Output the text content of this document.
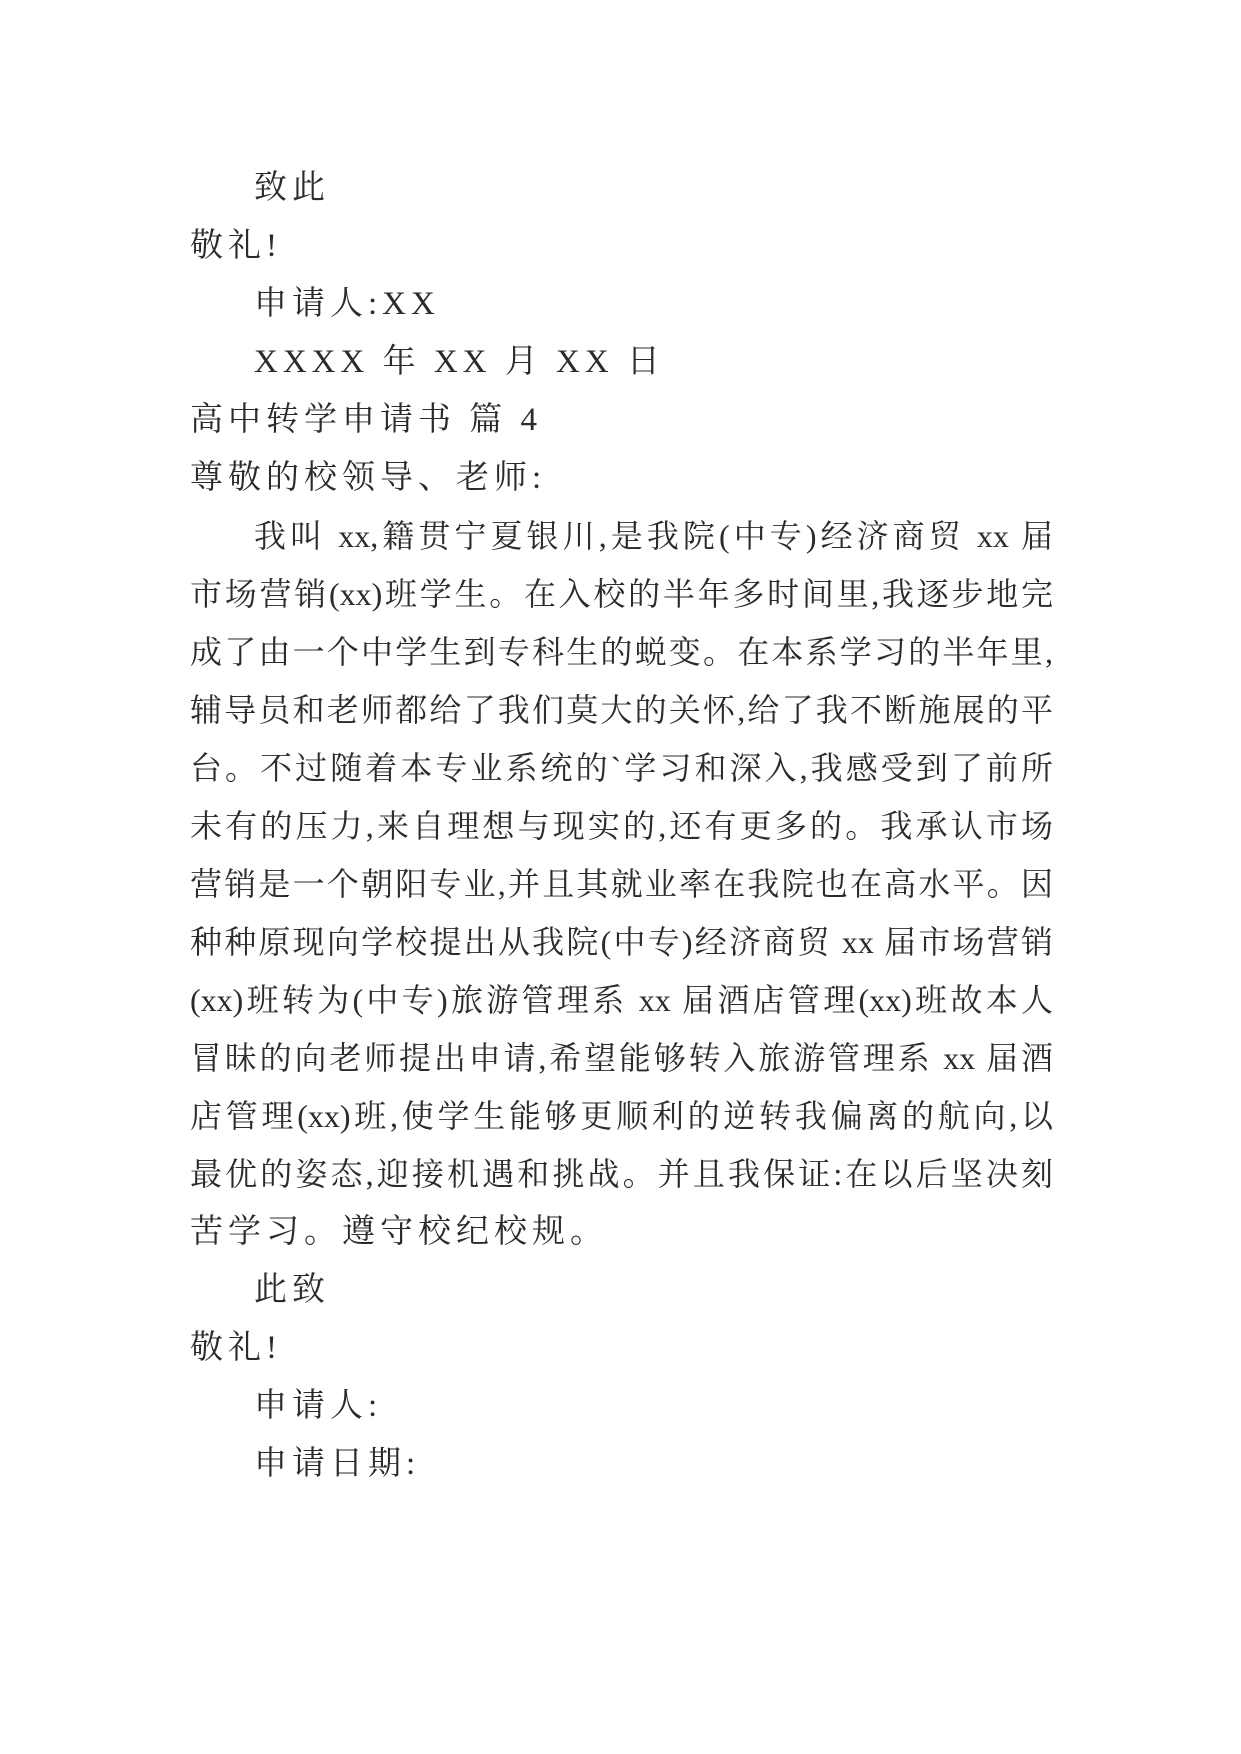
致此
敬礼!
申请人:XX
XXXX 年 XX 月 XX 日
高中转学申请书 篇 4
尊敬的校领导、老师:
我叫 xx,籍贯宁夏银川,是我院(中专)经济商贸 xx 届
市场营销(xx)班学生。在入校的半年多时间里,我逐步地完
成了由一个中学生到专科生的蜕变。在本系学习的半年里,
辅导员和老师都给了我们莫大的关怀,给了我不断施展的平
台。不过随着本专业系统的`学习和深入,我感受到了前所
未有的压力,来自理想与现实的,还有更多的。我承认市场
营销是一个朝阳专业,并且其就业率在我院也在高水平。因
种种原现向学校提出从我院(中专)经济商贸 xx 届市场营销
(xx)班转为(中专)旅游管理系 xx 届酒店管理(xx)班故本人
冒昧的向老师提出申请,希望能够转入旅游管理系 xx 届酒
店管理(xx)班,使学生能够更顺利的逆转我偏离的航向,以
最优的姿态,迎接机遇和挑战。并且我保证:在以后坚决刻
苦学习。遵守校纪校规。
此致
敬礼!
申请人:
申请日期:
